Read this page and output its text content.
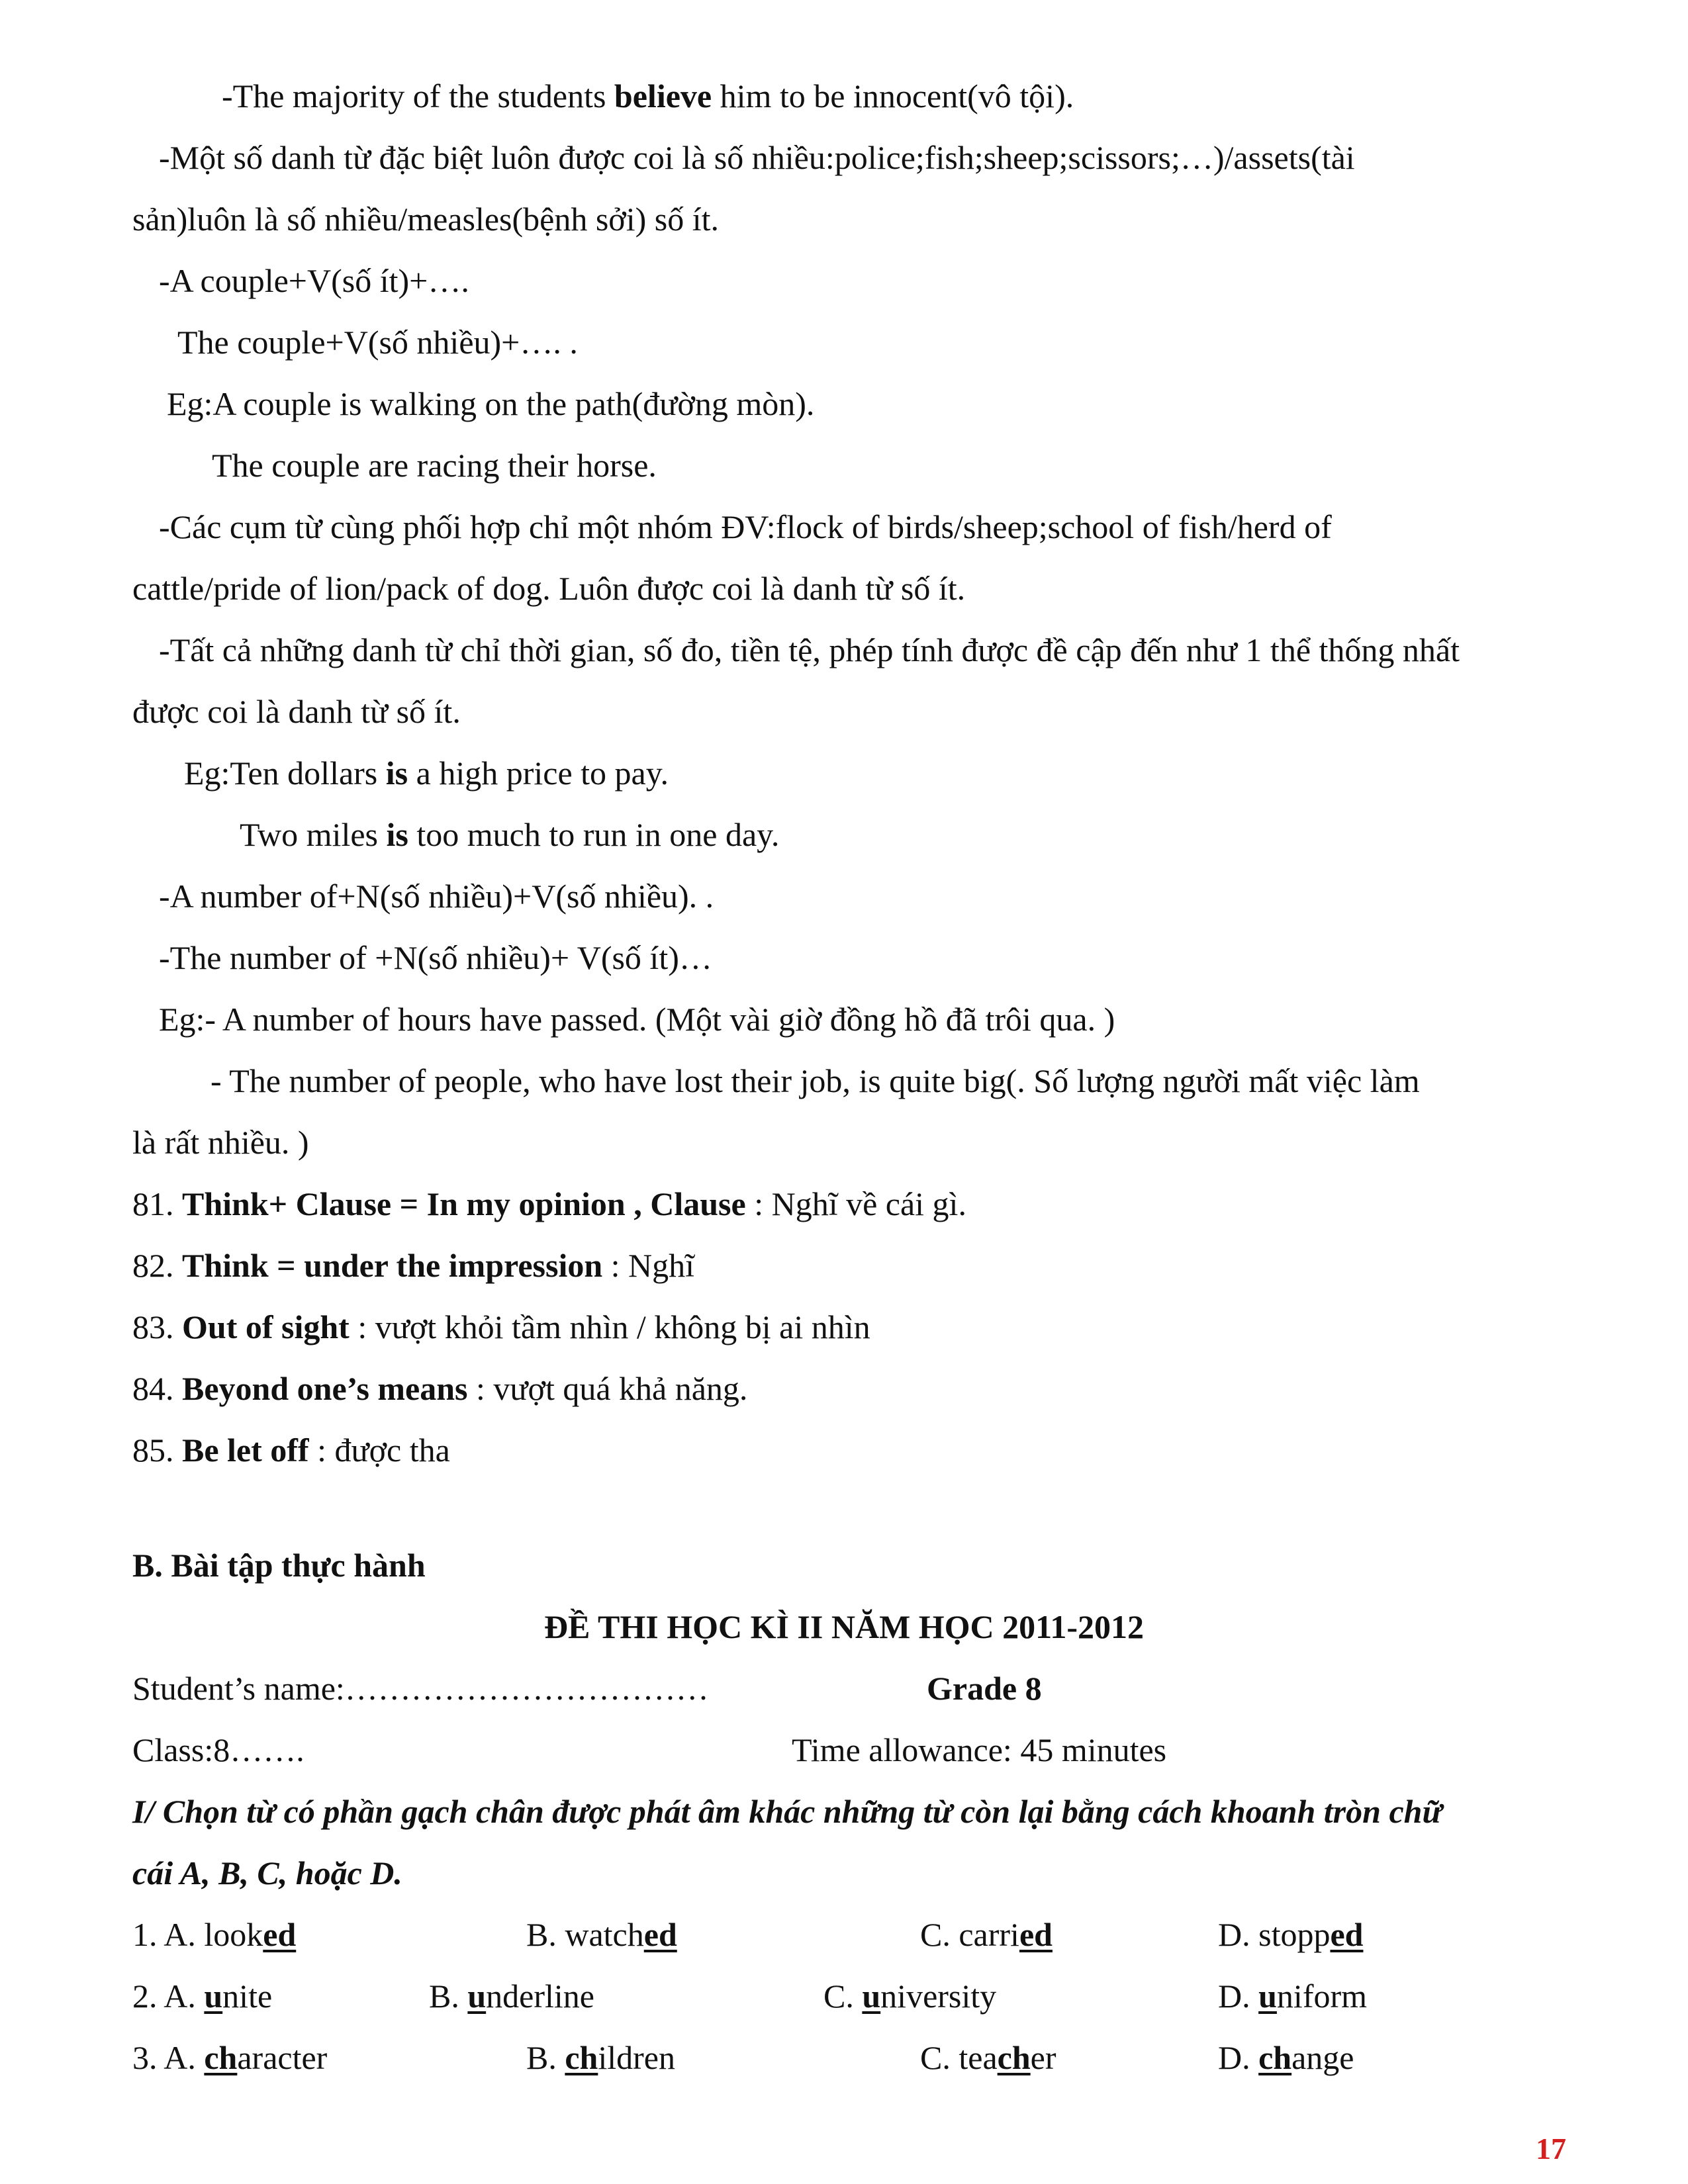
-The majority of the students believe him to be innocent(vô tội).
-Một số danh từ đặc biệt luôn được coi là số nhiều:police;fish;sheep;scissors;…)/assets(tài
sản)luôn là số nhiều/measles(bệnh sởi) số ít.
-A couple+V(số ít)+….
The couple+V(số nhiều)+…. .
Eg:A couple is walking on the path(đường mòn).
The couple are racing their horse.
-Các cụm từ cùng phối hợp chỉ một nhóm ĐV:flock of birds/sheep;school of fish/herd of
cattle/pride of lion/pack of dog. Luôn được coi là danh từ số ít.
-Tất cả những danh từ chỉ thời gian, số đo, tiền tệ, phép tính được đề cập đến như 1 thể thống nhất
được coi là danh từ số ít.
Eg:Ten dollars is a high price to pay.
Two miles is too much to run in one day.
-A number of+N(số nhiều)+V(số nhiều). .
-The number of +N(số nhiều)+ V(số ít)…
Eg:- A number of hours have passed. (Một vài giờ đồng hồ đã trôi qua. )
- The number of people, who have lost their job, is quite big(. Số lượng người mất việc làm
là rất nhiều. )
81. Think+ Clause = In my opinion , Clause : Nghĩ về cái gì.
82. Think = under the impression : Nghĩ
83. Out of sight : vượt khỏi tầm nhìn / không bị ai nhìn
84. Beyond one’s means : vượt quá khả năng.
85. Be let off : được tha
B. Bài tập thực hành
ĐỀ THI HỌC KÌ II NĂM HỌC 2011-2012
Student’s name:……………………………	Grade 8
Class:8…….	Time allowance: 45 minutes
I/ Chọn từ có phần gạch chân được phát âm khác những từ còn lại bằng cách khoanh tròn chữ
cái A, B, C, hoặc D.
1. A. looked	B. watched	C. carried	D. stopped
2. A. unite	B. underline	C. university	D. uniform
3. A. character	B. children	C. teacher	D. change
17
